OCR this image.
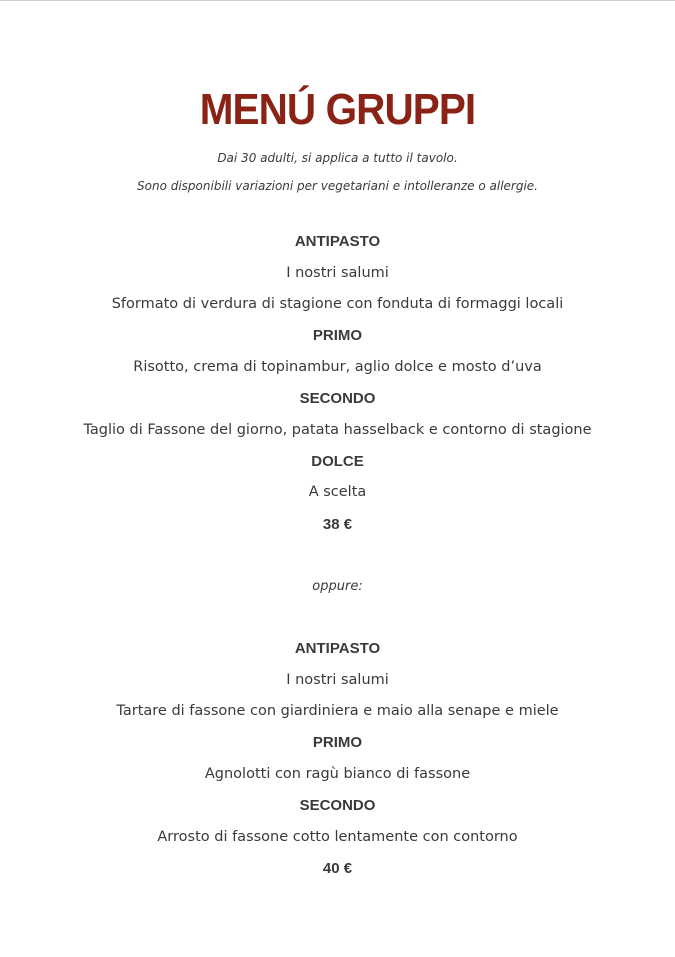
MENÚ GRUPPI
Dai 30 adulti, si applica a tutto il tavolo.
Sono disponibili variazioni per vegetariani e intolleranze o allergie.
ANTIPASTO
I nostri salumi
Sformato di verdura di stagione con fonduta di formaggi locali
PRIMO
Risotto, crema di topinambur, aglio dolce e mosto d’uva
SECONDO
Taglio di Fassone del giorno, patata hasselback e contorno di stagione
DOLCE
A scelta
38 €
oppure:
ANTIPASTO
I nostri salumi
Tartare di fassone con giardiniera e maio alla senape e miele
PRIMO
Agnolotti con ragù bianco di fassone
SECONDO
Arrosto di fassone cotto lentamente con contorno
40 €
